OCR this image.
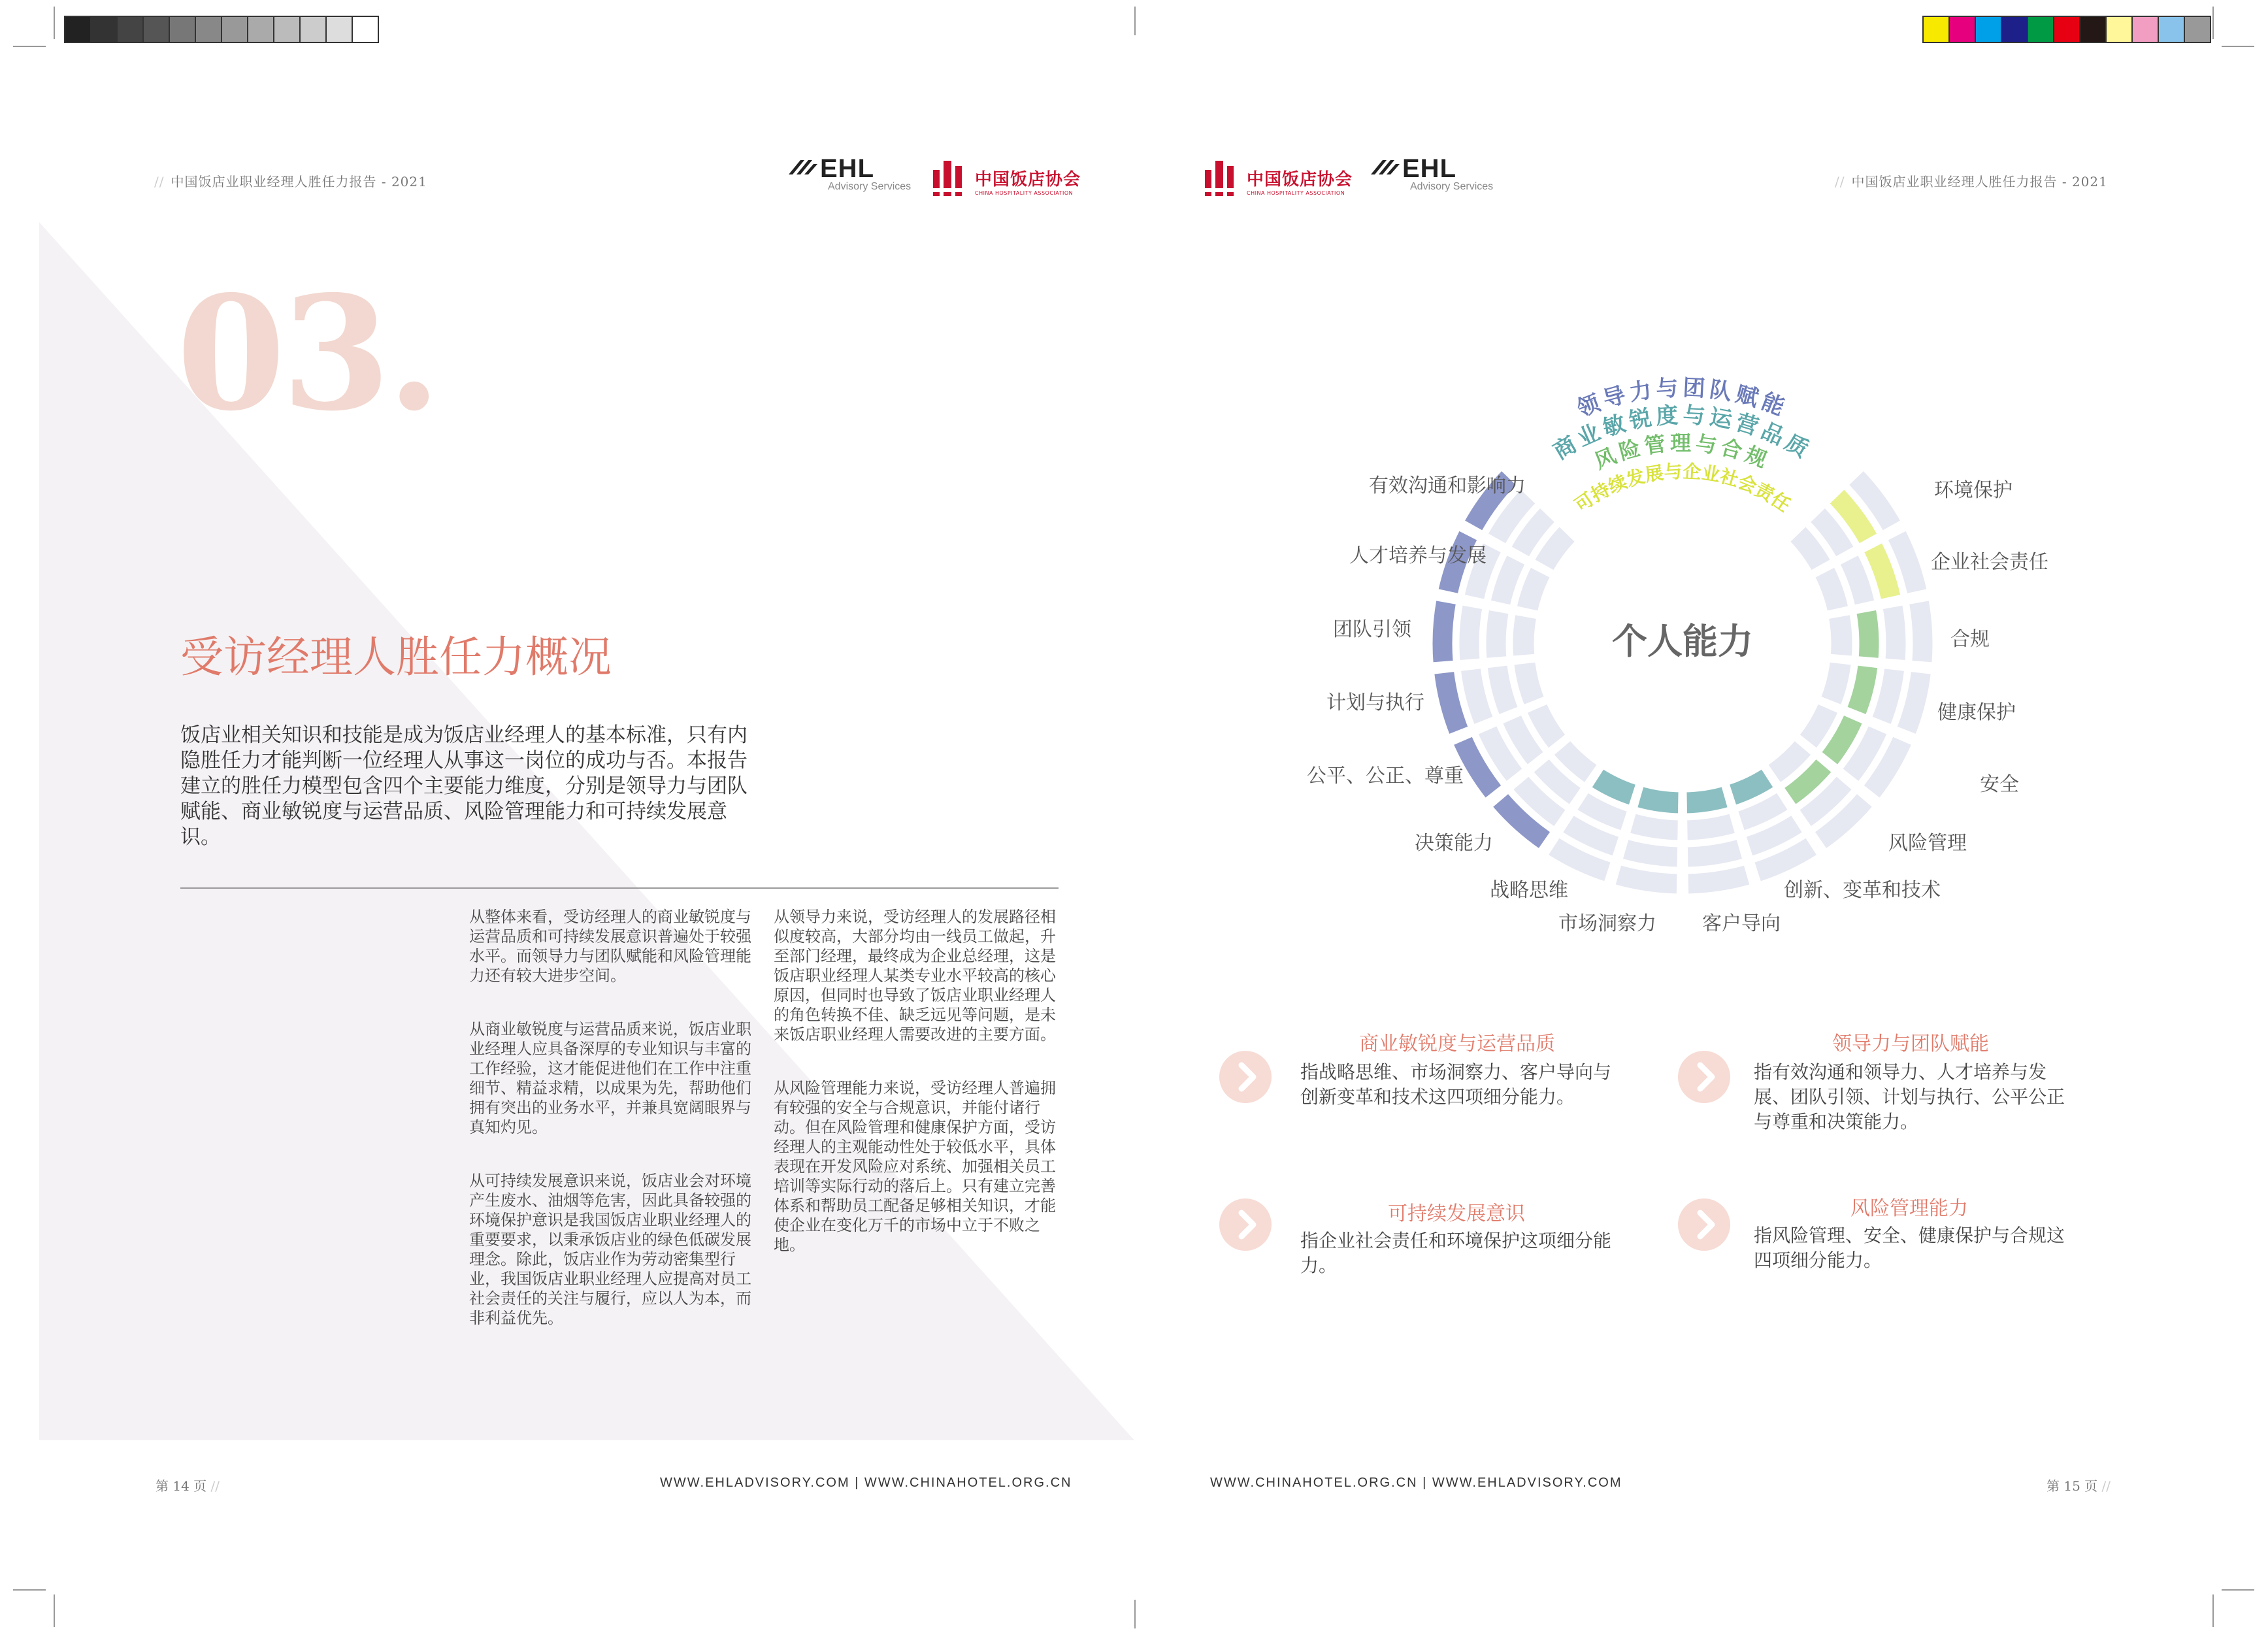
// 中国饭店业职业经理人胜任力报告 - 2021	EHL
Advisory Services	中国饭店协会
CHINA HOSPITALITY ASSOCIATION
03.
受访经理人胜任力概况
饭店业相关知识和技能是成为饭店业经理人的基本标准，只有内隐胜任力才能判断一位经理人从事这一岗位的成功与否。本报告建立的胜任力模型包含四个主要能力维度，分别是领导力与团队赋能、商业敏锐度与运营品质、风险管理能力和可持续发展意识。

从整体来看，受访经理人的商业敏锐度与运营品质和可持续发展意识普遍处于较强水平。而领导力与团队赋能和风险管理能力还有较大进步空间。

从商业敏锐度与运营品质来说，饭店业职业经理人应具备深厚的专业知识与丰富的工作经验，这才能促进他们在工作中注重细节、精益求精，以成果为先，帮助他们拥有突出的业务水平，并兼具宽阔眼界与真知灼见。

从可持续发展意识来说，饭店业会对环境产生废水、油烟等危害，因此具备较强的环境保护意识是我国饭店业职业经理人的重要要求，以秉承饭店业的绿色低碳发展理念。除此，饭店业作为劳动密集型行业，我国饭店业职业经理人应提高对员工社会责任的关注与履行，应以人为本，而非利益优先。

从领导力来说，受访经理人的发展路径相似度较高，大部分均由一线员工做起，升至部门经理，最终成为企业总经理，这是饭店职业经理人某类专业水平较高的核心原因，但同时也导致了饭店业职业经理人的角色转换不佳、缺乏远见等问题，是未来饭店职业经理人需要改进的主要方面。

从风险管理能力来说，受访经理人普遍拥有较强的安全与合规意识，并能付诸行动。但在风险管理和健康保护方面，受访经理人的主观能动性处于较低水平，具体表现在开发风险应对系统、加强相关员工培训等实际行动的落后上。只有建立完善体系和帮助员工配备足够相关知识，才能使企业在变化万千的市场中立于不败之地。

第 14 页 //	WWW.EHLADVISORY.COM | WWW.CHINAHOTEL.ORG.CN
中国饭店协会
CHINA HOSPITALITY ASSOCIATION
EHL
Advisory Services	// 中国饭店业职业经理人胜任力报告 - 2021
领导力与团队赋能
商业敏锐度与运营品质
风险管理与合规
可持续发展与企业社会责任
个人能力
有效沟通和影响力
人才培养与发展
团队引领
计划与执行
公平、公正、尊重
决策能力
战略思维
市场洞察力 客户导向
创新、变革和技术
风险管理
安全
健康保护
合规
企业社会责任
环境保护
商业敏锐度与运营品质
指战略思维、市场洞察力、客户导向与创新变革和技术这四项细分能力。
领导力与团队赋能
指有效沟通和领导力、人才培养与发展、团队引领、计划与执行、公平公正与尊重和决策能力。
可持续发展意识
指企业社会责任和环境保护这项细分能力。
风险管理能力
指风险管理、安全、健康保护与合规这四项细分能力。
WWW.CHINAHOTEL.ORG.CN | WWW.EHLADVISORY.COM	第 15 页 //
